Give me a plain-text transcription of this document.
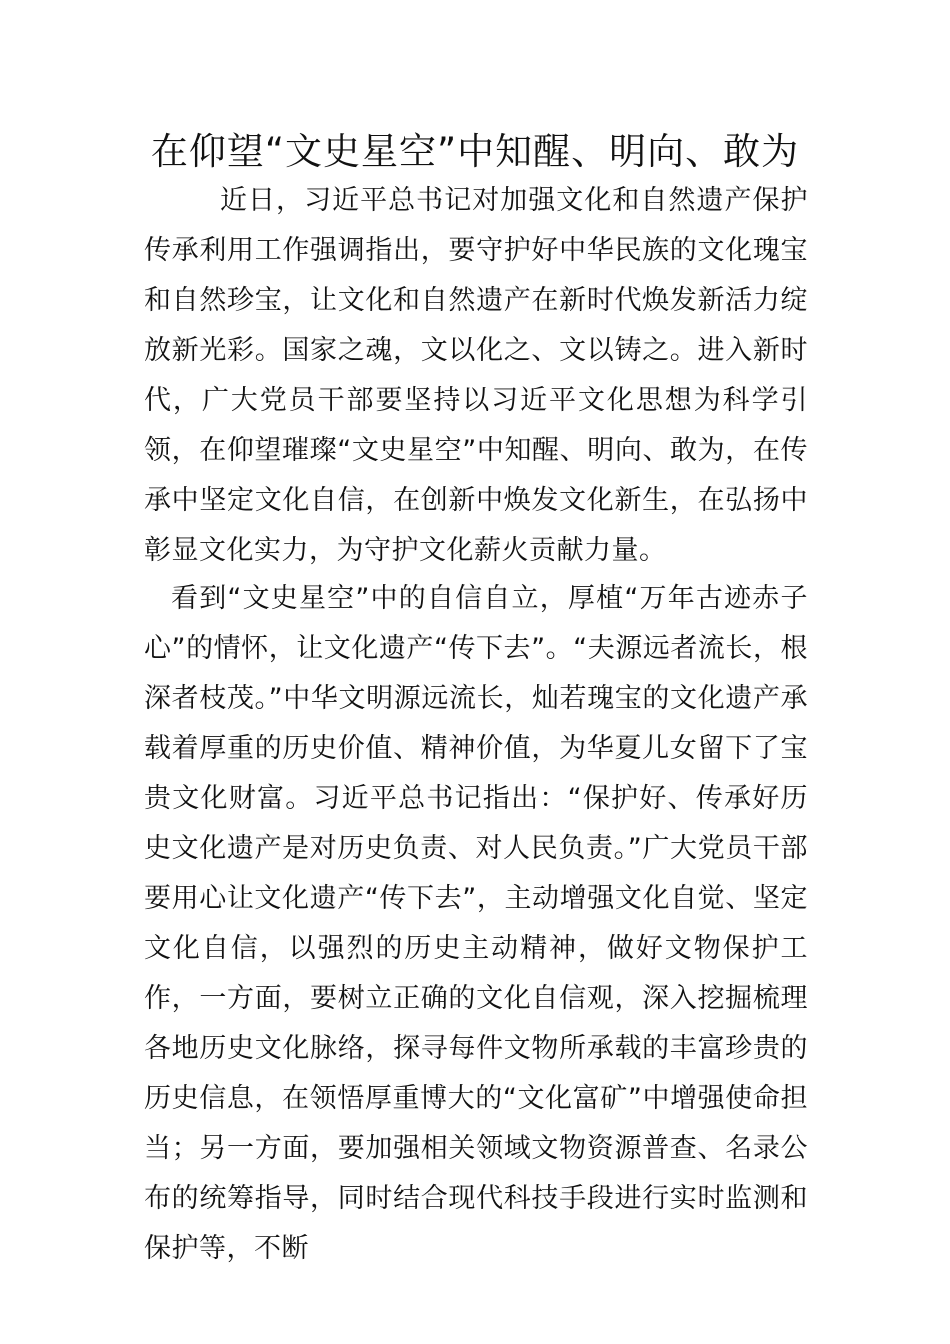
在仰望“文史星空”中知醒、明向、敢为

近日，习近平总书记对加强文化和自然遗产保护传承利用工作强调指出，要守护好中华民族的文化瑰宝和自然珍宝，让文化和自然遗产在新时代焕发新活力绽放新光彩。国家之魂，文以化之、文以铸之。进入新时代，广大党员干部要坚持以习近平文化思想为科学引领，在仰望璀璨“文史星空”中知醒、明向、敢为，在传承中坚定文化自信，在创新中焕发文化新生，在弘扬中彰显文化实力，为守护文化薪火贡献力量。

看到“文史星空”中的自信自立，厚植“万年古迹赤子心”的情怀，让文化遗产“传下去”。“夫源远者流长，根深者枝茂。”中华文明源远流长，灿若瑰宝的文化遗产承载着厚重的历史价值、精神价值，为华夏儿女留下了宝贵文化财富。习近平总书记指出：“保护好、传承好历史文化遗产是对历史负责、对人民负责。”广大党员干部要用心让文化遗产“传下去”，主动增强文化自觉、坚定文化自信，以强烈的历史主动精神，做好文物保护工作，一方面，要树立正确的文化自信观，深入挖掘梳理各地历史文化脉络，探寻每件文物所承载的丰富珍贵的历史信息，在领悟厚重博大的“文化富矿”中增强使命担当；另一方面，要加强相关领域文物资源普查、名录公布的统筹指导，同时结合现代科技手段进行实时监测和保护等，不断
